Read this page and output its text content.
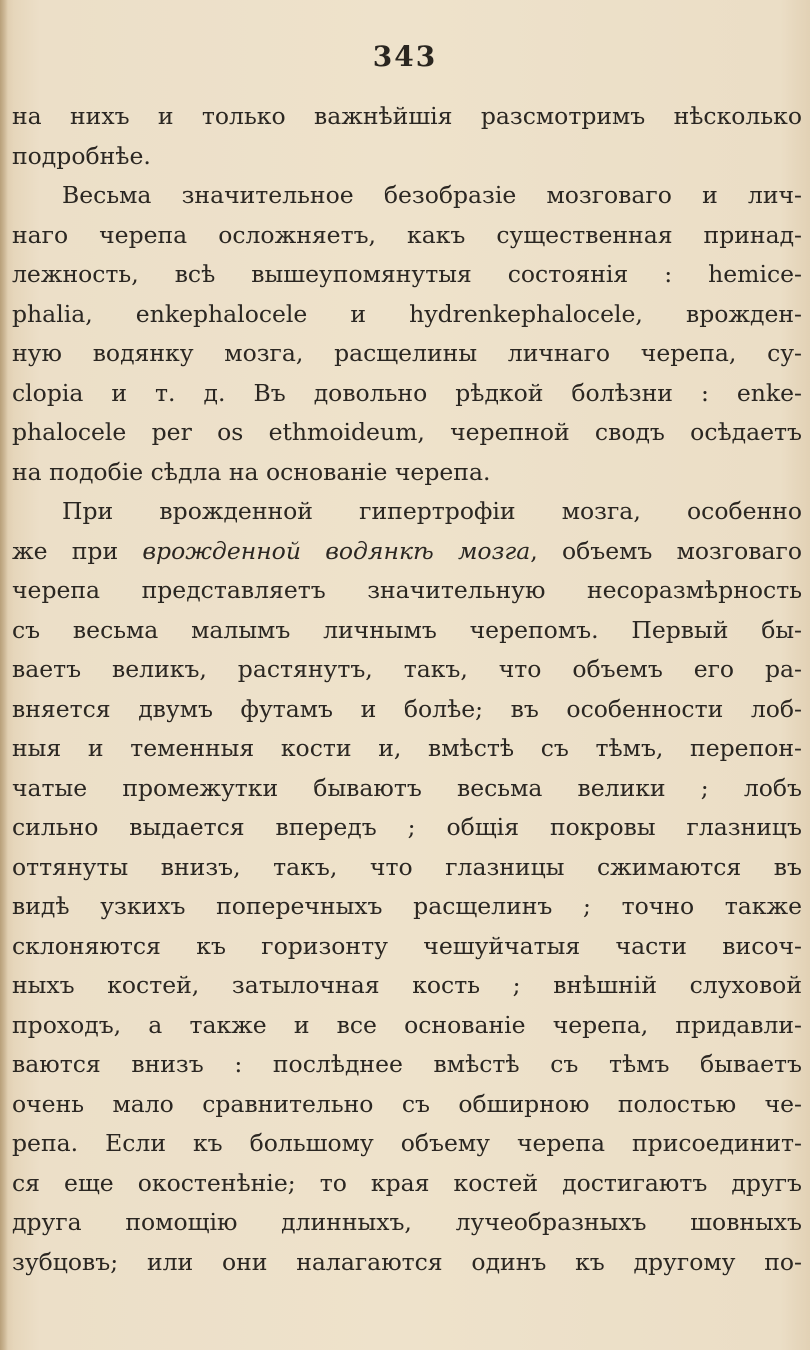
343
на нихъ и только важнѣйшія разсмотримъ нѣсколько
подробнѣе.
Весьма значительное безобразіе мозговаго и лич-
наго черепа осложняетъ, какъ существенная принад-
лежность, всѣ вышеупомянутыя состоянія : hemice-
phalia, enkephalocele и hydrenkephalocele, врожден-
ную водянку мозга, расщелины личнаго черепа, су-
clopia и т. д. Въ довольно рѣдкой болѣзни : enke-
phalocele per os ethmoideum, черепной сводъ осѣдаетъ
на подобіе сѣдла на основаніе черепа.
При врожденной гипертрофіи мозга, особенно
же при врожденной водянкѣ мозга, объемъ мозговаго
черепа представляетъ значительную несоразмѣрность
съ весьма малымъ личнымъ черепомъ. Первый бы-
ваетъ великъ, растянутъ, такъ, что объемъ его ра-
вняется двумъ футамъ и болѣе; въ особенности лоб-
ныя и теменныя кости и, вмѣстѣ съ тѣмъ, перепон-
чатые промежутки бываютъ весьма велики ; лобъ
сильно выдается впередъ ; общія покровы глазницъ
оттянуты внизъ, такъ, что глазницы сжимаются въ
видѣ узкихъ поперечныхъ расщелинъ ; точно также
склоняются къ горизонту чешуйчатыя части височ-
ныхъ костей, затылочная кость ; внѣшній слуховой
проходъ, а также и все основаніе черепа, придавли-
ваются внизъ : послѣднее вмѣстѣ съ тѣмъ бываетъ
очень мало сравнительно съ обширною полостью че-
репа. Если къ большому объему черепа присоединит-
ся еще окостенѣніе; то края костей достигаютъ другъ
друга помощію длинныхъ, лучеобразныхъ шовныхъ
зубцовъ; или они налагаются одинъ къ другому по-
